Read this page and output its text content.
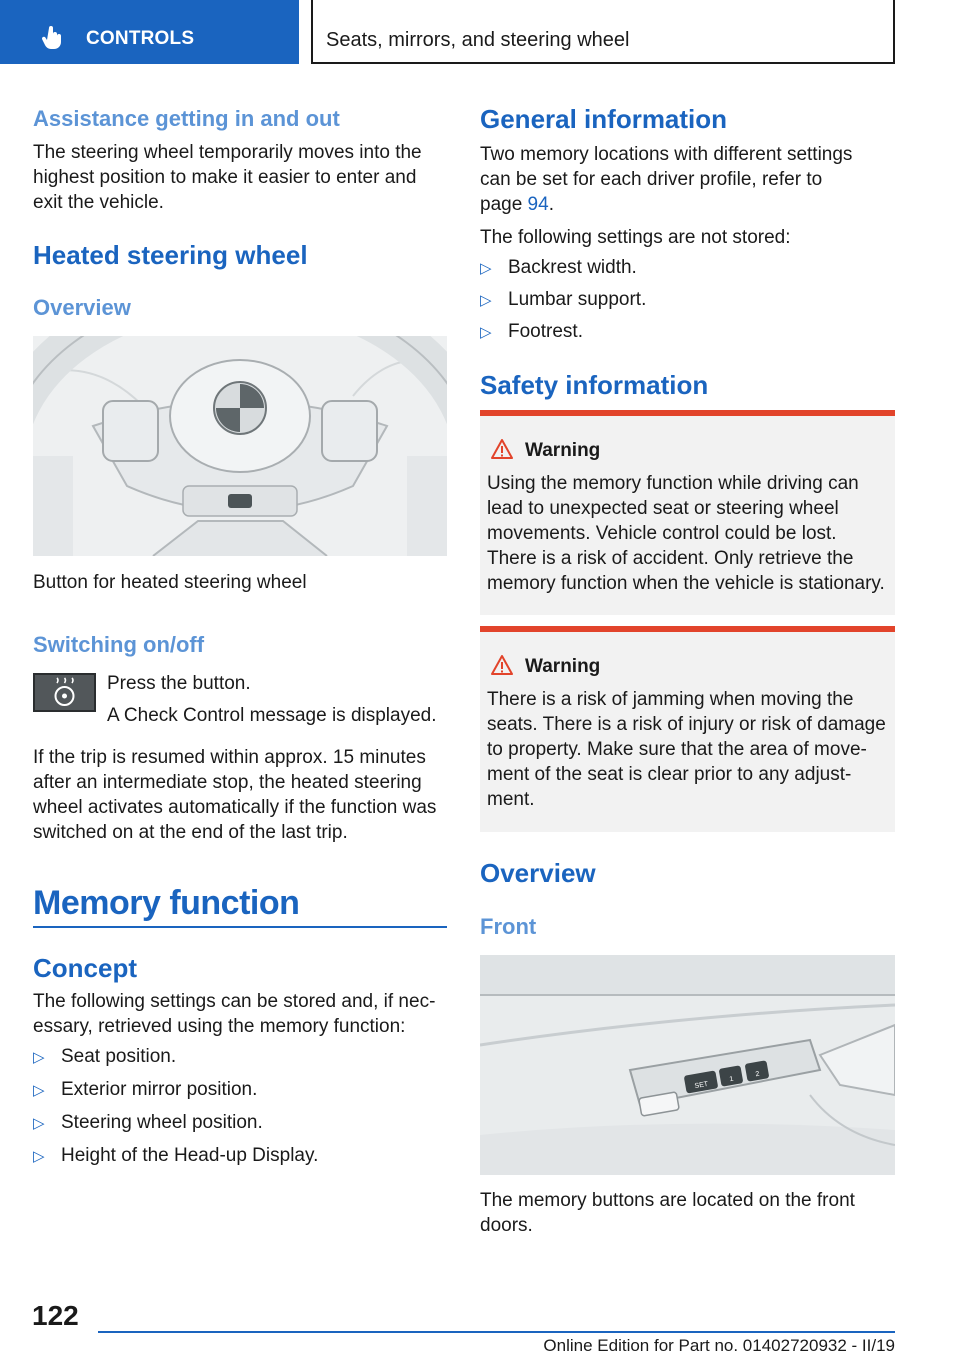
CONTROLS	Seats, mirrors, and steering wheel
Assistance getting in and out
The steering wheel temporarily moves into the
highest position to make it easier to enter and
exit the vehicle.
Heated steering wheel
Overview
Button for heated steering wheel
Switching on/off
Press the button.
A Check Control message is displayed.
If the trip is resumed within approx. 15 minutes
after an intermediate stop, the heated steering
wheel activates automatically if the function was
switched on at the end of the last trip.
Memory function
Concept
The following settings can be stored and, if nec‐
essary, retrieved using the memory function:
▷ Seat position.
▷ Exterior mirror position.
▷ Steering wheel position.
▷ Height of the Head-up Display.
General information
Two memory locations with different settings
can be set for each driver profile, refer to
page 94.
The following settings are not stored:
▷ Backrest width.
▷ Lumbar support.
▷ Footrest.
Safety information
Warning
Using the memory function while driving can
lead to unexpected seat or steering wheel
movements. Vehicle control could be lost.
There is a risk of accident. Only retrieve the
memory function when the vehicle is stationary.
Warning
There is a risk of jamming when moving the
seats. There is a risk of injury or risk of damage
to property. Make sure that the area of move‐
ment of the seat is clear prior to any adjust‐
ment.
Overview
Front
SET
1
2
The memory buttons are located on the front
doors.
122
Online Edition for Part no. 01402720932 - II/19
